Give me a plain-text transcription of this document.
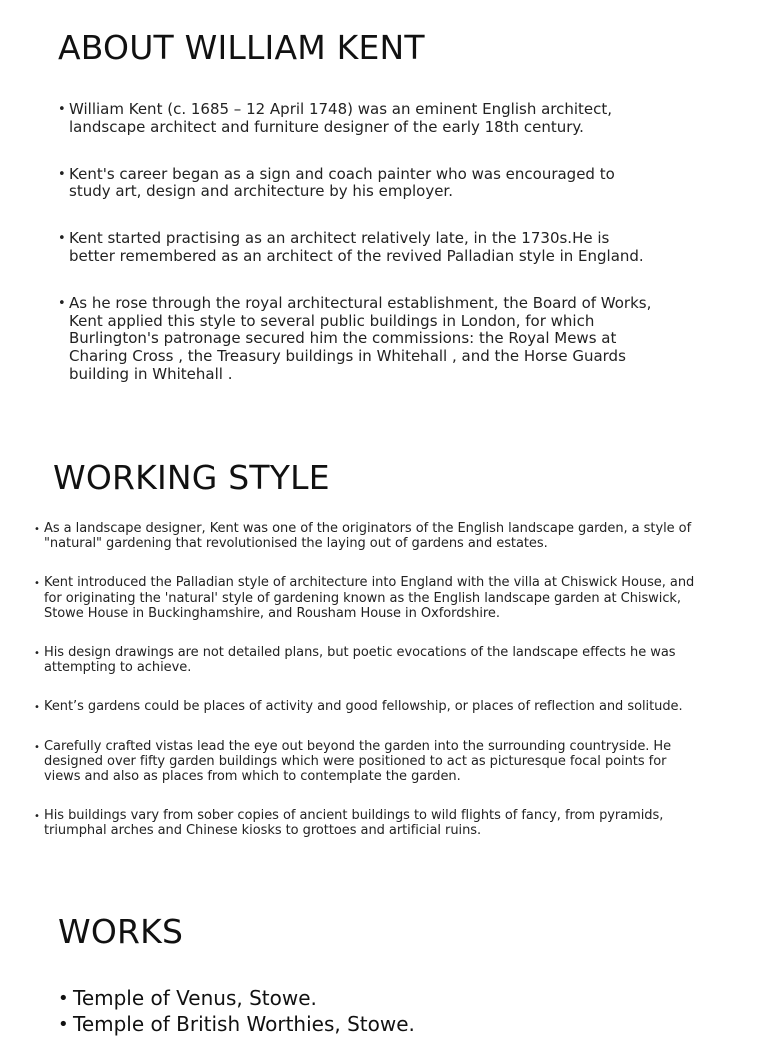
ABOUT WILLIAM KENT
• William Kent (c. 1685 – 12 April 1748) was an eminent English architect,
landscape architect and furniture designer of the early 18th century.
• Kent's career began as a sign and coach painter who was encouraged to
study art, design and architecture by his employer.
• Kent started practising as an architect relatively late, in the 1730s.He is
better remembered as an architect of the revived Palladian style in England.
• As he rose through the royal architectural establishment, the Board of Works,
Kent applied this style to several public buildings in London, for which
Burlington's patronage secured him the commissions: the Royal Mews at
Charing Cross , the Treasury buildings in Whitehall , and the Horse Guards
building in Whitehall .
WORKING STYLE
• As a landscape designer, Kent was one of the originators of the English landscape garden, a style of
"natural" gardening that revolutionised the laying out of gardens and estates.
• Kent introduced the Palladian style of architecture into England with the villa at Chiswick House, and
for originating the 'natural' style of gardening known as the English landscape garden at Chiswick,
Stowe House in Buckinghamshire, and Rousham House in Oxfordshire.
• His design drawings are not detailed plans, but poetic evocations of the landscape effects he was
attempting to achieve.
• Kent’s gardens could be places of activity and good fellowship, or places of reflection and solitude.
• Carefully crafted vistas lead the eye out beyond the garden into the surrounding countryside. He
designed over fifty garden buildings which were positioned to act as picturesque focal points for
views and also as places from which to contemplate the garden.
• His buildings vary from sober copies of ancient buildings to wild flights of fancy, from pyramids,
triumphal arches and Chinese kiosks to grottoes and artificial ruins.
WORKS
• Temple of Venus, Stowe.
• Temple of British Worthies, Stowe.
